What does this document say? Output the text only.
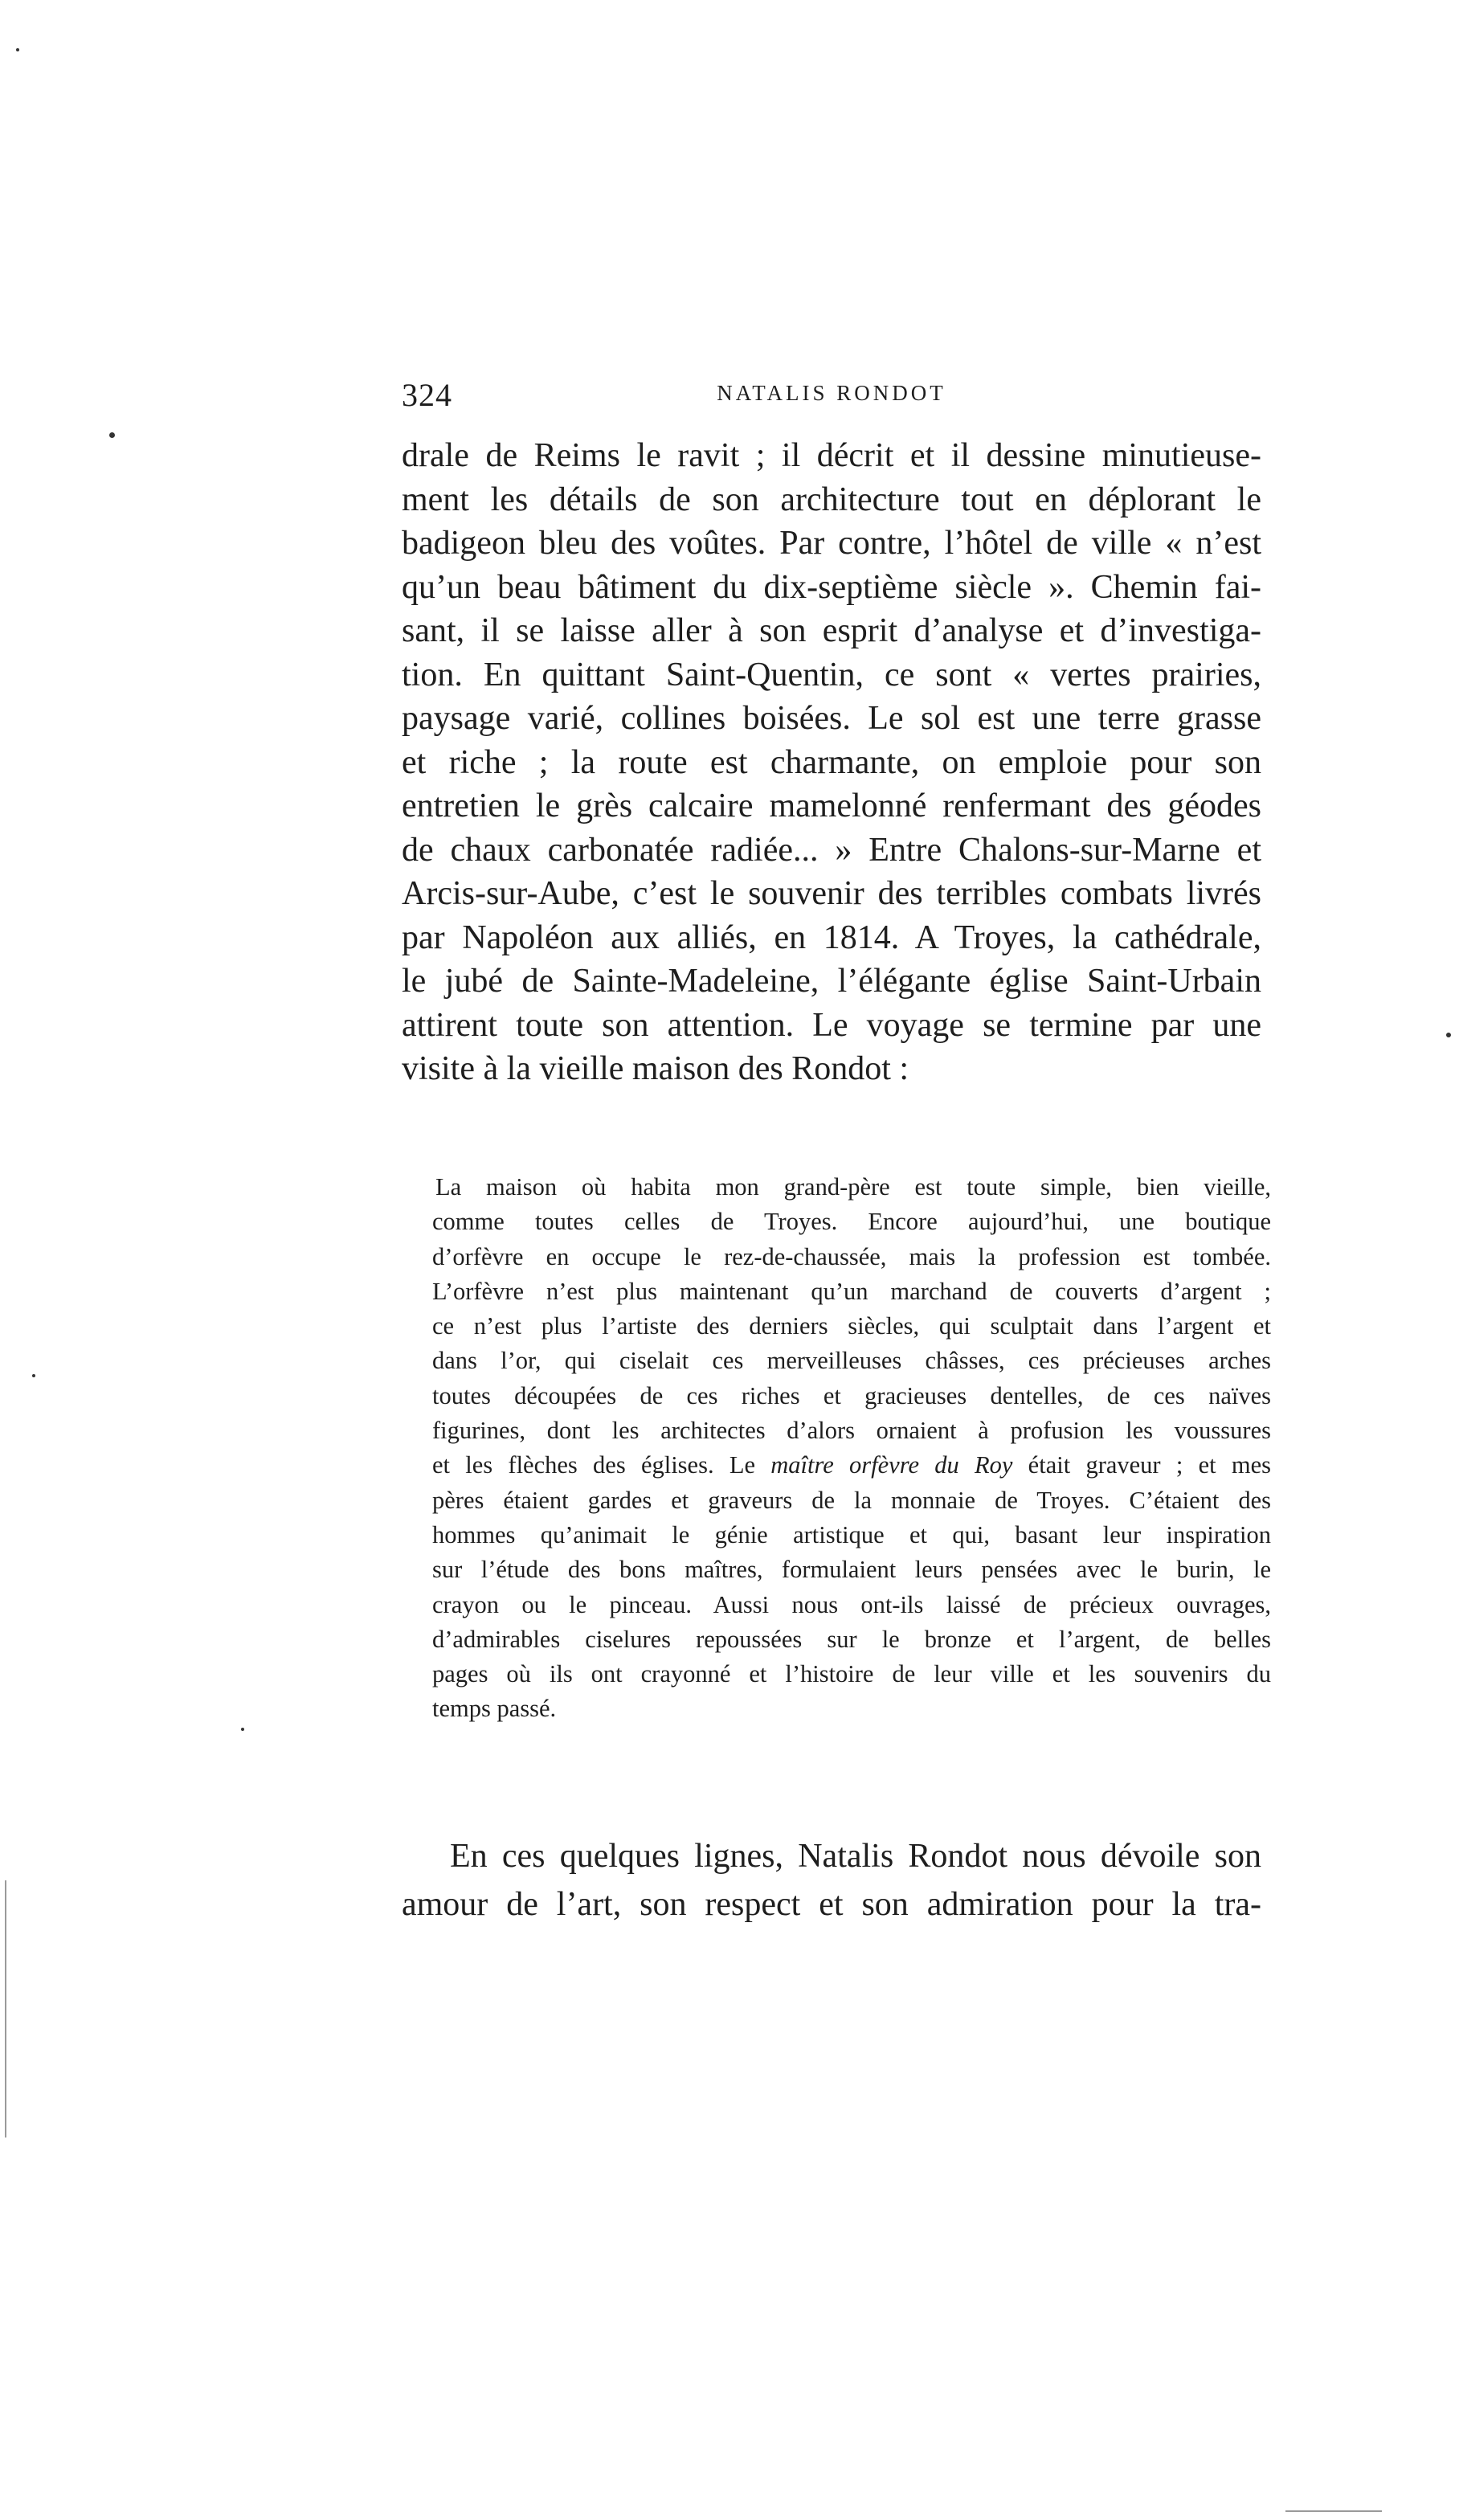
324	NATALIS RONDOT
drale de Reims le ravit ; il décrit et il dessine minutieuse-
ment les détails de son architecture tout en déplorant le
badigeon bleu des voûtes. Par contre, l’hôtel de ville « n’est
qu’un beau bâtiment du dix-septième siècle ». Chemin fai-
sant, il se laisse aller à son esprit d’analyse et d’investiga-
tion. En quittant Saint-Quentin, ce sont « vertes prairies,
paysage varié, collines boisées. Le sol est une terre grasse
et riche ; la route est charmante, on emploie pour son
entretien le grès calcaire mamelonné renfermant des géodes
de chaux carbonatée radiée... » Entre Chalons-sur-Marne et
Arcis-sur-Aube, c’est le souvenir des terribles combats livrés
par Napoléon aux alliés, en 1814. A Troyes, la cathédrale,
le jubé de Sainte-Madeleine, l’élégante église Saint-Urbain
attirent toute son attention. Le voyage se termine par une
visite à la vieille maison des Rondot :
La maison où habita mon grand-père est toute simple, bien vieille,
comme toutes celles de Troyes. Encore aujourd’hui, une boutique
d’orfèvre en occupe le rez-de-chaussée, mais la profession est tombée.
L’orfèvre n’est plus maintenant qu’un marchand de couverts d’argent ;
ce n’est plus l’artiste des derniers siècles, qui sculptait dans l’argent et
dans l’or, qui ciselait ces merveilleuses châsses, ces précieuses arches
toutes découpées de ces riches et gracieuses dentelles, de ces naïves
figurines, dont les architectes d’alors ornaient à profusion les voussures
et les flèches des églises. Le maître orfèvre du Roy était graveur ; et mes
pères étaient gardes et graveurs de la monnaie de Troyes. C’étaient des
hommes qu’animait le génie artistique et qui, basant leur inspiration
sur l’étude des bons maîtres, formulaient leurs pensées avec le burin, le
crayon ou le pinceau. Aussi nous ont-ils laissé de précieux ouvrages,
d’admirables ciselures repoussées sur le bronze et l’argent, de belles
pages où ils ont crayonné et l’histoire de leur ville et les souvenirs du
temps passé.
En ces quelques lignes, Natalis Rondot nous dévoile son
amour de l’art, son respect et son admiration pour la tra-
